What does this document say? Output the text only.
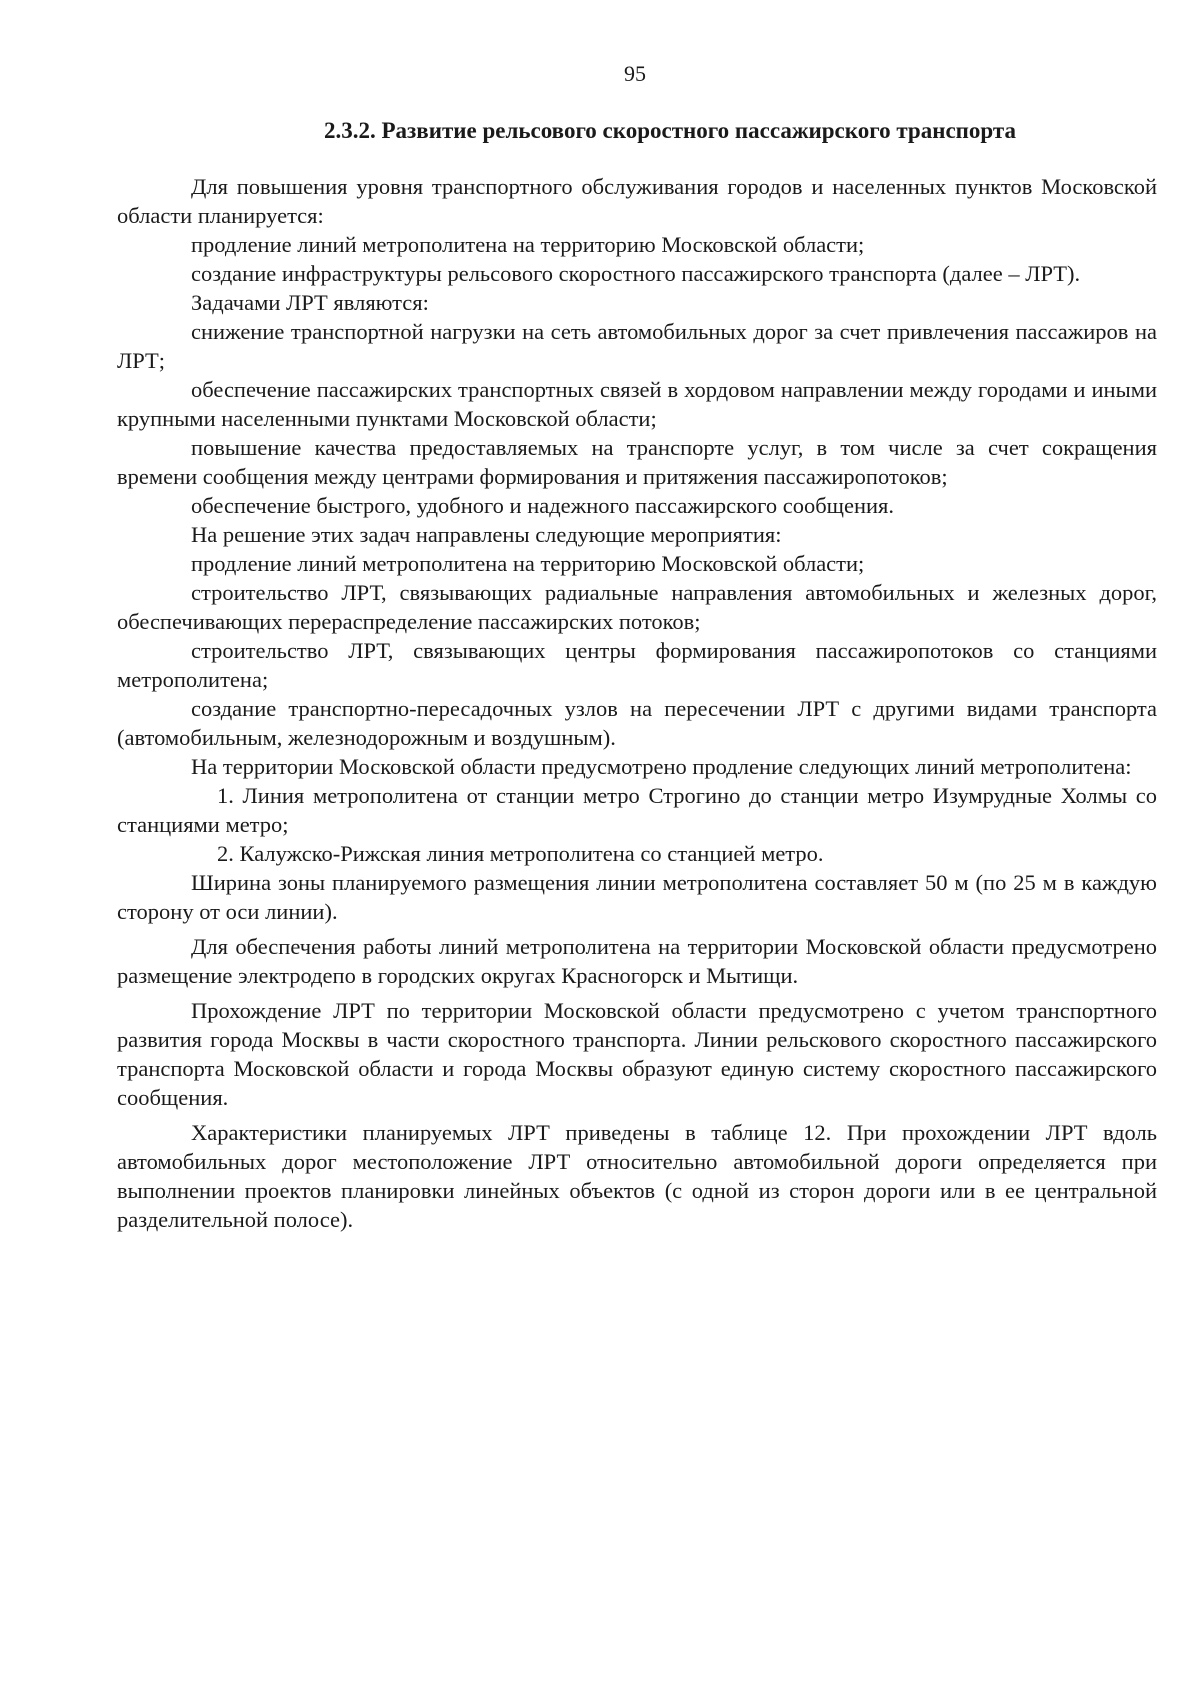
95
2.3.2. Развитие рельсового скоростного пассажирского транспорта

Для повышения уровня транспортного обслуживания городов и населенных пунктов Московской области планируется:

продление линий метрополитена на территорию Московской области;

создание инфраструктуры рельсового скоростного пассажирского транспорта (далее – ЛРТ).

Задачами ЛРТ являются:

снижение транспортной нагрузки на сеть автомобильных дорог за счет привлечения пассажиров на ЛРТ;

обеспечение пассажирских транспортных связей в хордовом направлении между городами и иными крупными населенными пунктами Московской области;

повышение качества предоставляемых на транспорте услуг, в том числе за счет сокращения времени сообщения между центрами формирования и притяжения пассажиропотоков;

обеспечение быстрого, удобного и надежного пассажирского сообщения.

На решение этих задач направлены следующие мероприятия:

продление линий метрополитена на территорию Московской области;

строительство ЛРТ, связывающих радиальные направления автомобильных и железных дорог, обеспечивающих перераспределение пассажирских потоков;

строительство ЛРТ, связывающих центры формирования пассажиропотоков со станциями метрополитена;

создание транспортно-пересадочных узлов на пересечении ЛРТ с другими видами транспорта (автомобильным, железнодорожным и воздушным).

На территории Московской области предусмотрено продление следующих линий метрополитена:

1. Линия метрополитена от станции метро Строгино до станции метро Изумрудные Холмы со станциями метро;

2. Калужско-Рижская линия метрополитена со станцией метро.

Ширина зоны планируемого размещения линии метрополитена составляет 50 м (по 25 м в каждую сторону от оси линии).

Для обеспечения работы линий метрополитена на территории Московской области предусмотрено размещение электродепо в городских округах Красногорск и Мытищи.

Прохождение ЛРТ по территории Московской области предусмотрено с учетом транспортного развития города Москвы в части скоростного транспорта. Линии рельскового скоростного пассажирского транспорта Московской области и города Москвы образуют единую систему скоростного пассажирского сообщения.

Характеристики планируемых ЛРТ приведены в таблице 12. При прохождении ЛРТ вдоль автомобильных дорог местоположение ЛРТ относительно автомобильной дороги определяется при выполнении проектов планировки линейных объектов (с одной из сторон дороги или в ее центральной разделительной полосе).
